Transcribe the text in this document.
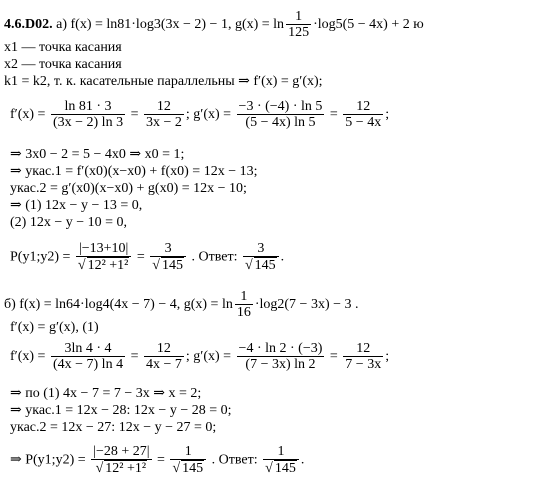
4.6.D02. а) f(x) = ln81·log3(3x − 2) − 1, $g(x) = \ln \frac{1}{125} \cdot\log 5(5 - 4x) + 2$ ю
x1 — точка касания
x2 — точка касания
k1 = k2, т. к. касательные параллельны ⇒ f′(x) = g′(x);
$f'(x) = \frac{\ln 81 \cdot 3}{(3x - 2) \ln 3} = \frac{12}{3x - 2}$ ; $g'(x) = \frac{-3 \cdot (-4) \cdot \ln 5}{(5 - 4x) \ln 5} = \frac{12}{5 - 4x}$ ;
⇒ 3x0 − 2 = 5 − 4x0 ⇒ x0 = 1;
⇒ yкас.1 = f′(x0)(x−x0) + f(x0) = 12x − 13;
yкас.2 = g′(x0)(x−x0) + g(x0) = 12x − 10;
⇒ (1) 12x − y − 13 = 0,
(2) 12x − y − 10 = 0,
P(y1;y2) = $\frac{|-13+10|}{\text{√ 12² +1²}} = \frac{3}{√ 145}$ . Ответ: $\frac{3}{√ 145}$ .
б) f(x) = ln64·log4(4x − 7) − 4, $g(x) = \ln \frac{1}{16} \cdot\log 2(7 - 3x) - 3$ .
f′(x) = g′(x), (1)
$f'(x) = \frac{3\ln 4 \cdot 4}{(4x - 7) \ln 4} = \frac{12}{4x - 7}$ ; $g'(x) = \frac{-4 \cdot \ln 2 \cdot (-3)}{(7 - 3x) \ln 2} = \frac{12}{7 - 3x}$ ;
⇒ по (1) 4x − 7 = 7 − 3x ⇒ x = 2;
⇒ yкас.1 = 12x − 28: 12x − y − 28 = 0;
yкас.2 = 12x − 27: 12x − y − 27 = 0;
⇒ P(y1;y2) = $\frac{|-28 + 27|}{\text{√ 12² +1²}} = \frac{1}{√ 145}$ . Ответ: $\frac{1}{√ 145}$ .
